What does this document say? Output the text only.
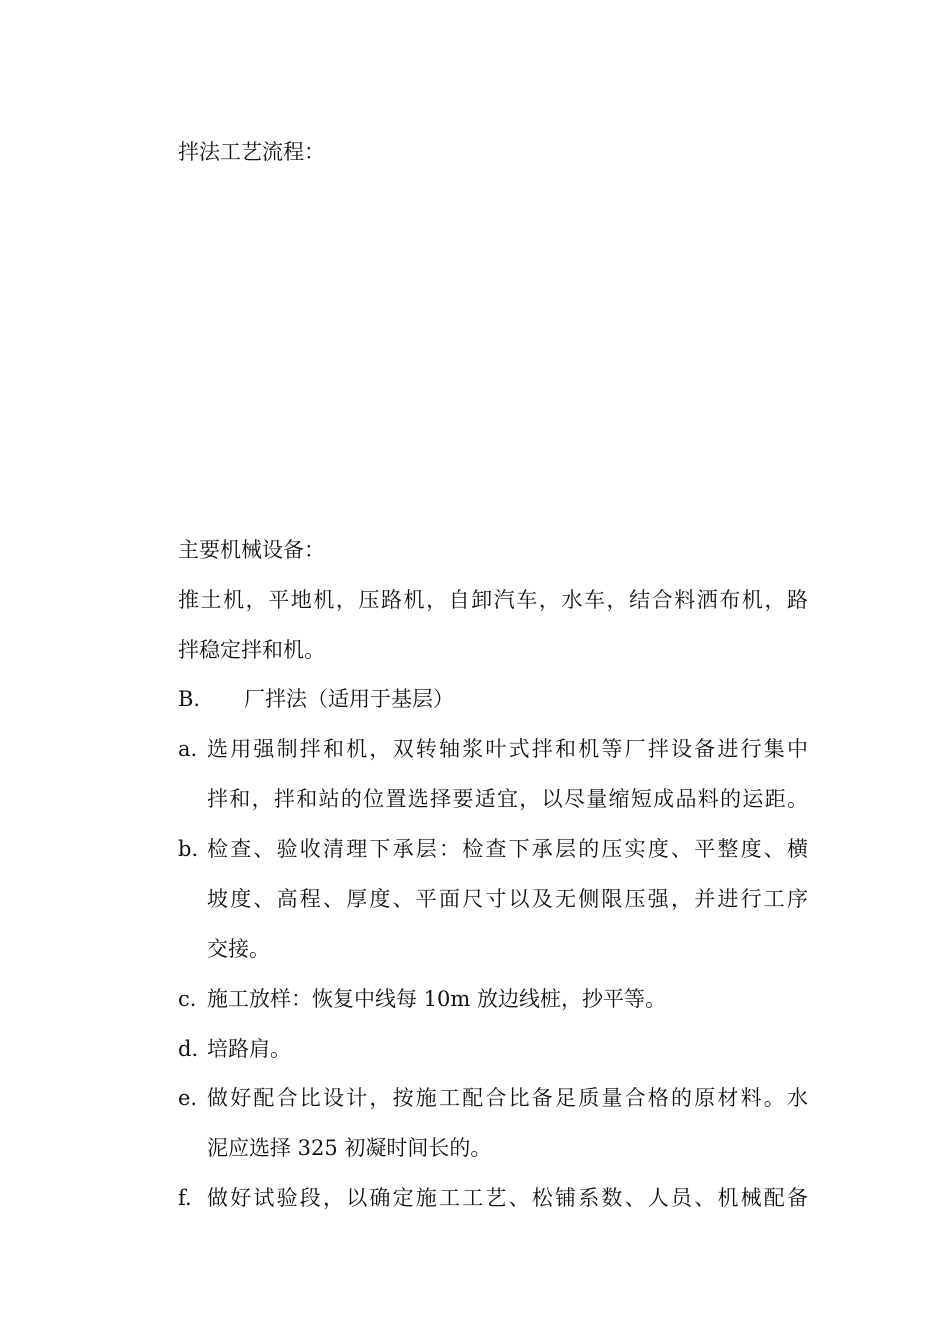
拌法工艺流程：
主要机械设备：
推土机，平地机，压路机，自卸汽车，水车，结合料洒布机，路
拌稳定拌和机。
B. 厂拌法（适用于基层）
a. 选用强制拌和机，双转轴浆叶式拌和机等厂拌设备进行集中
拌和，拌和站的位置选择要适宜，以尽量缩短成品料的运距。
b. 检查、验收清理下承层：检查下承层的压实度、平整度、横
坡度、高程、厚度、平面尺寸以及无侧限压强，并进行工序
交接。
c. 施工放样：恢复中线每 10m 放边线桩，抄平等。
d. 培路肩。
e. 做好配合比设计，按施工配合比备足质量合格的原材料。水
泥应选择 325 初凝时间长的。
f. 做好试验段，以确定施工工艺、松铺系数、人员、机械配备
